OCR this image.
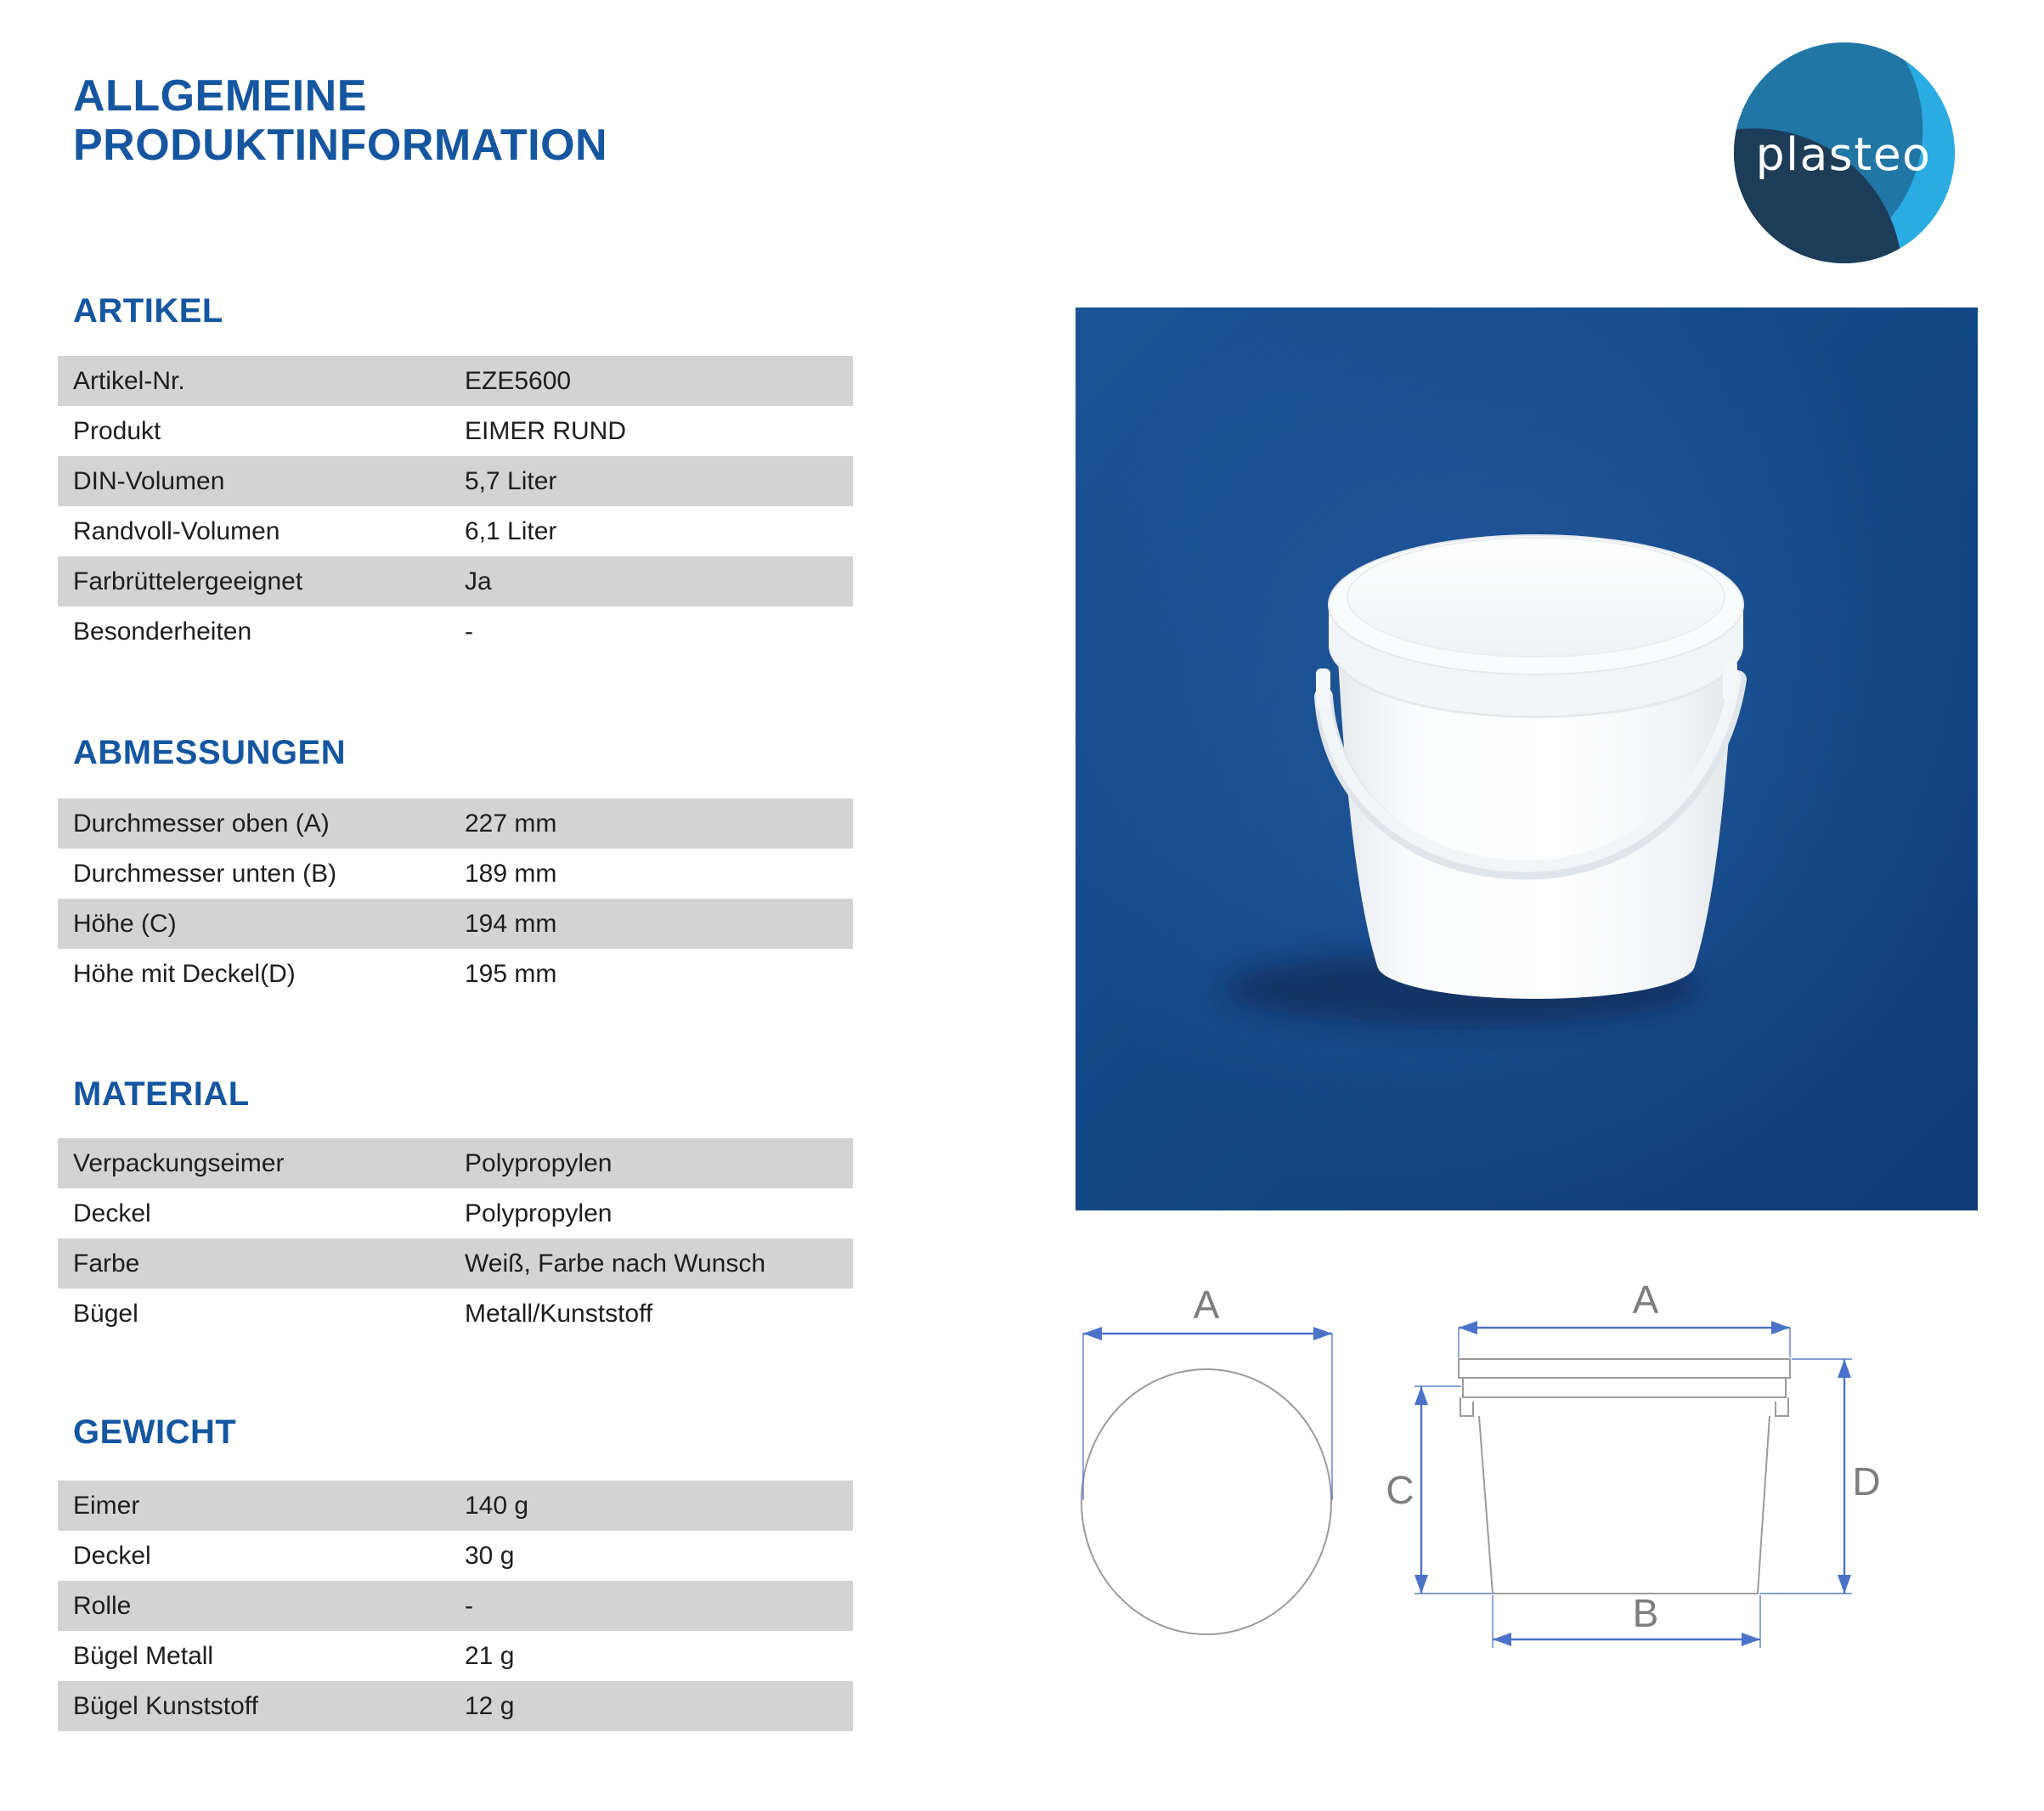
ALLGEMEINE
PRODUKTINFORMATION	plasteo
ARTIKEL
Artikel-Nr.	EZE5600
Produkt	EIMER RUND
DIN-Volumen	5,7 Liter
Randvoll-Volumen	6,1 Liter
Farbrüttelergeeignet	Ja
Besonderheiten	-
ABMESSUNGEN
Durchmesser oben (A)	227 mm
Durchmesser unten (B)	189 mm
Höhe (C)	194 mm
Höhe mit Deckel(D)	195 mm
MATERIAL
Verpackungseimer	Polypropylen
Deckel	Polypropylen
Farbe	Weiß, Farbe nach Wunsch
Bügel	Metall/Kunststoff
GEWICHT
Eimer	140 g
Deckel	30 g
Rolle	-
Bügel Metall	21 g
Bügel Kunststoff	12 g
A	A
C	D
B
